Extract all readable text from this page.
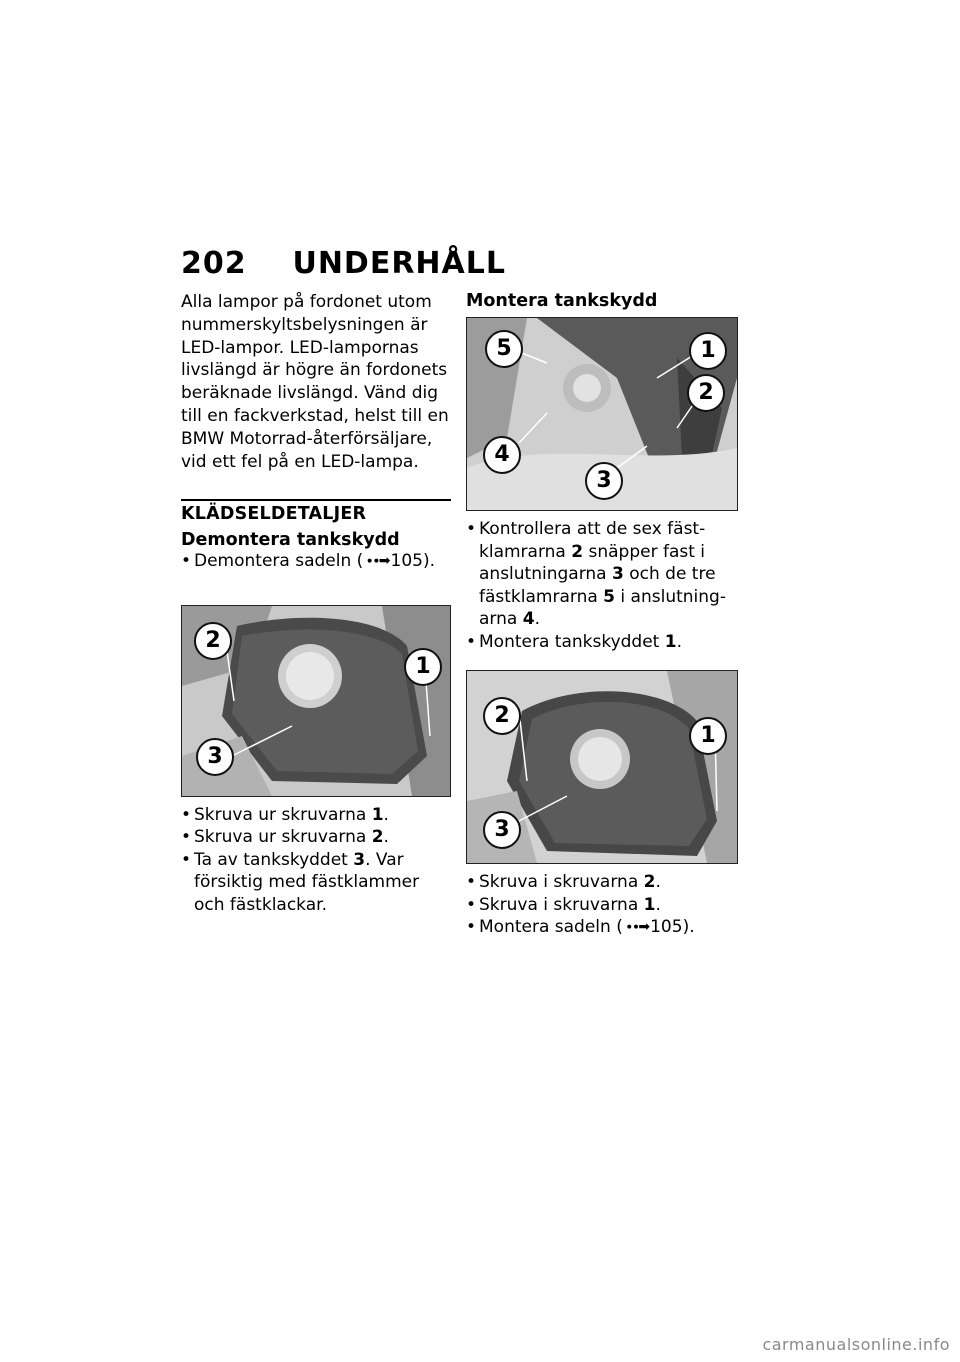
202 UNDERHÅLL

Alla lampor på fordonet utom nummerskyltsbelysningen är LED-lampor. LED-lampornas livslängd är högre än fordonets beräknade livslängd. Vänd dig till en fackverkstad, helst till en BMW Motorrad-återförsäljare, vid ett fel på en LED-lampa.

KLÄDSELDETALJER
Demontera tankskydd
• Demontera sadeln ( ∙∙➡ 105).
2
1
3
• Skruva ur skruvarna 1.
• Skruva ur skruvarna 2.
• Ta av tankskyddet 3. Var försiktig med fästklammer och fästklackar.
Montera tankskydd
5	1
2
4
3
• Kontrollera att de sex fäst-klamrarna 2 snäpper fast i anslutningarna 3 och de tre fästklamrarna 5 i anslutning-arna 4.
• Montera tankskyddet 1.
2
1
3
• Skruva i skruvarna 2.
• Skruva i skruvarna 1.
• Montera sadeln ( ∙∙➡ 105).
carmanualsonline.info
